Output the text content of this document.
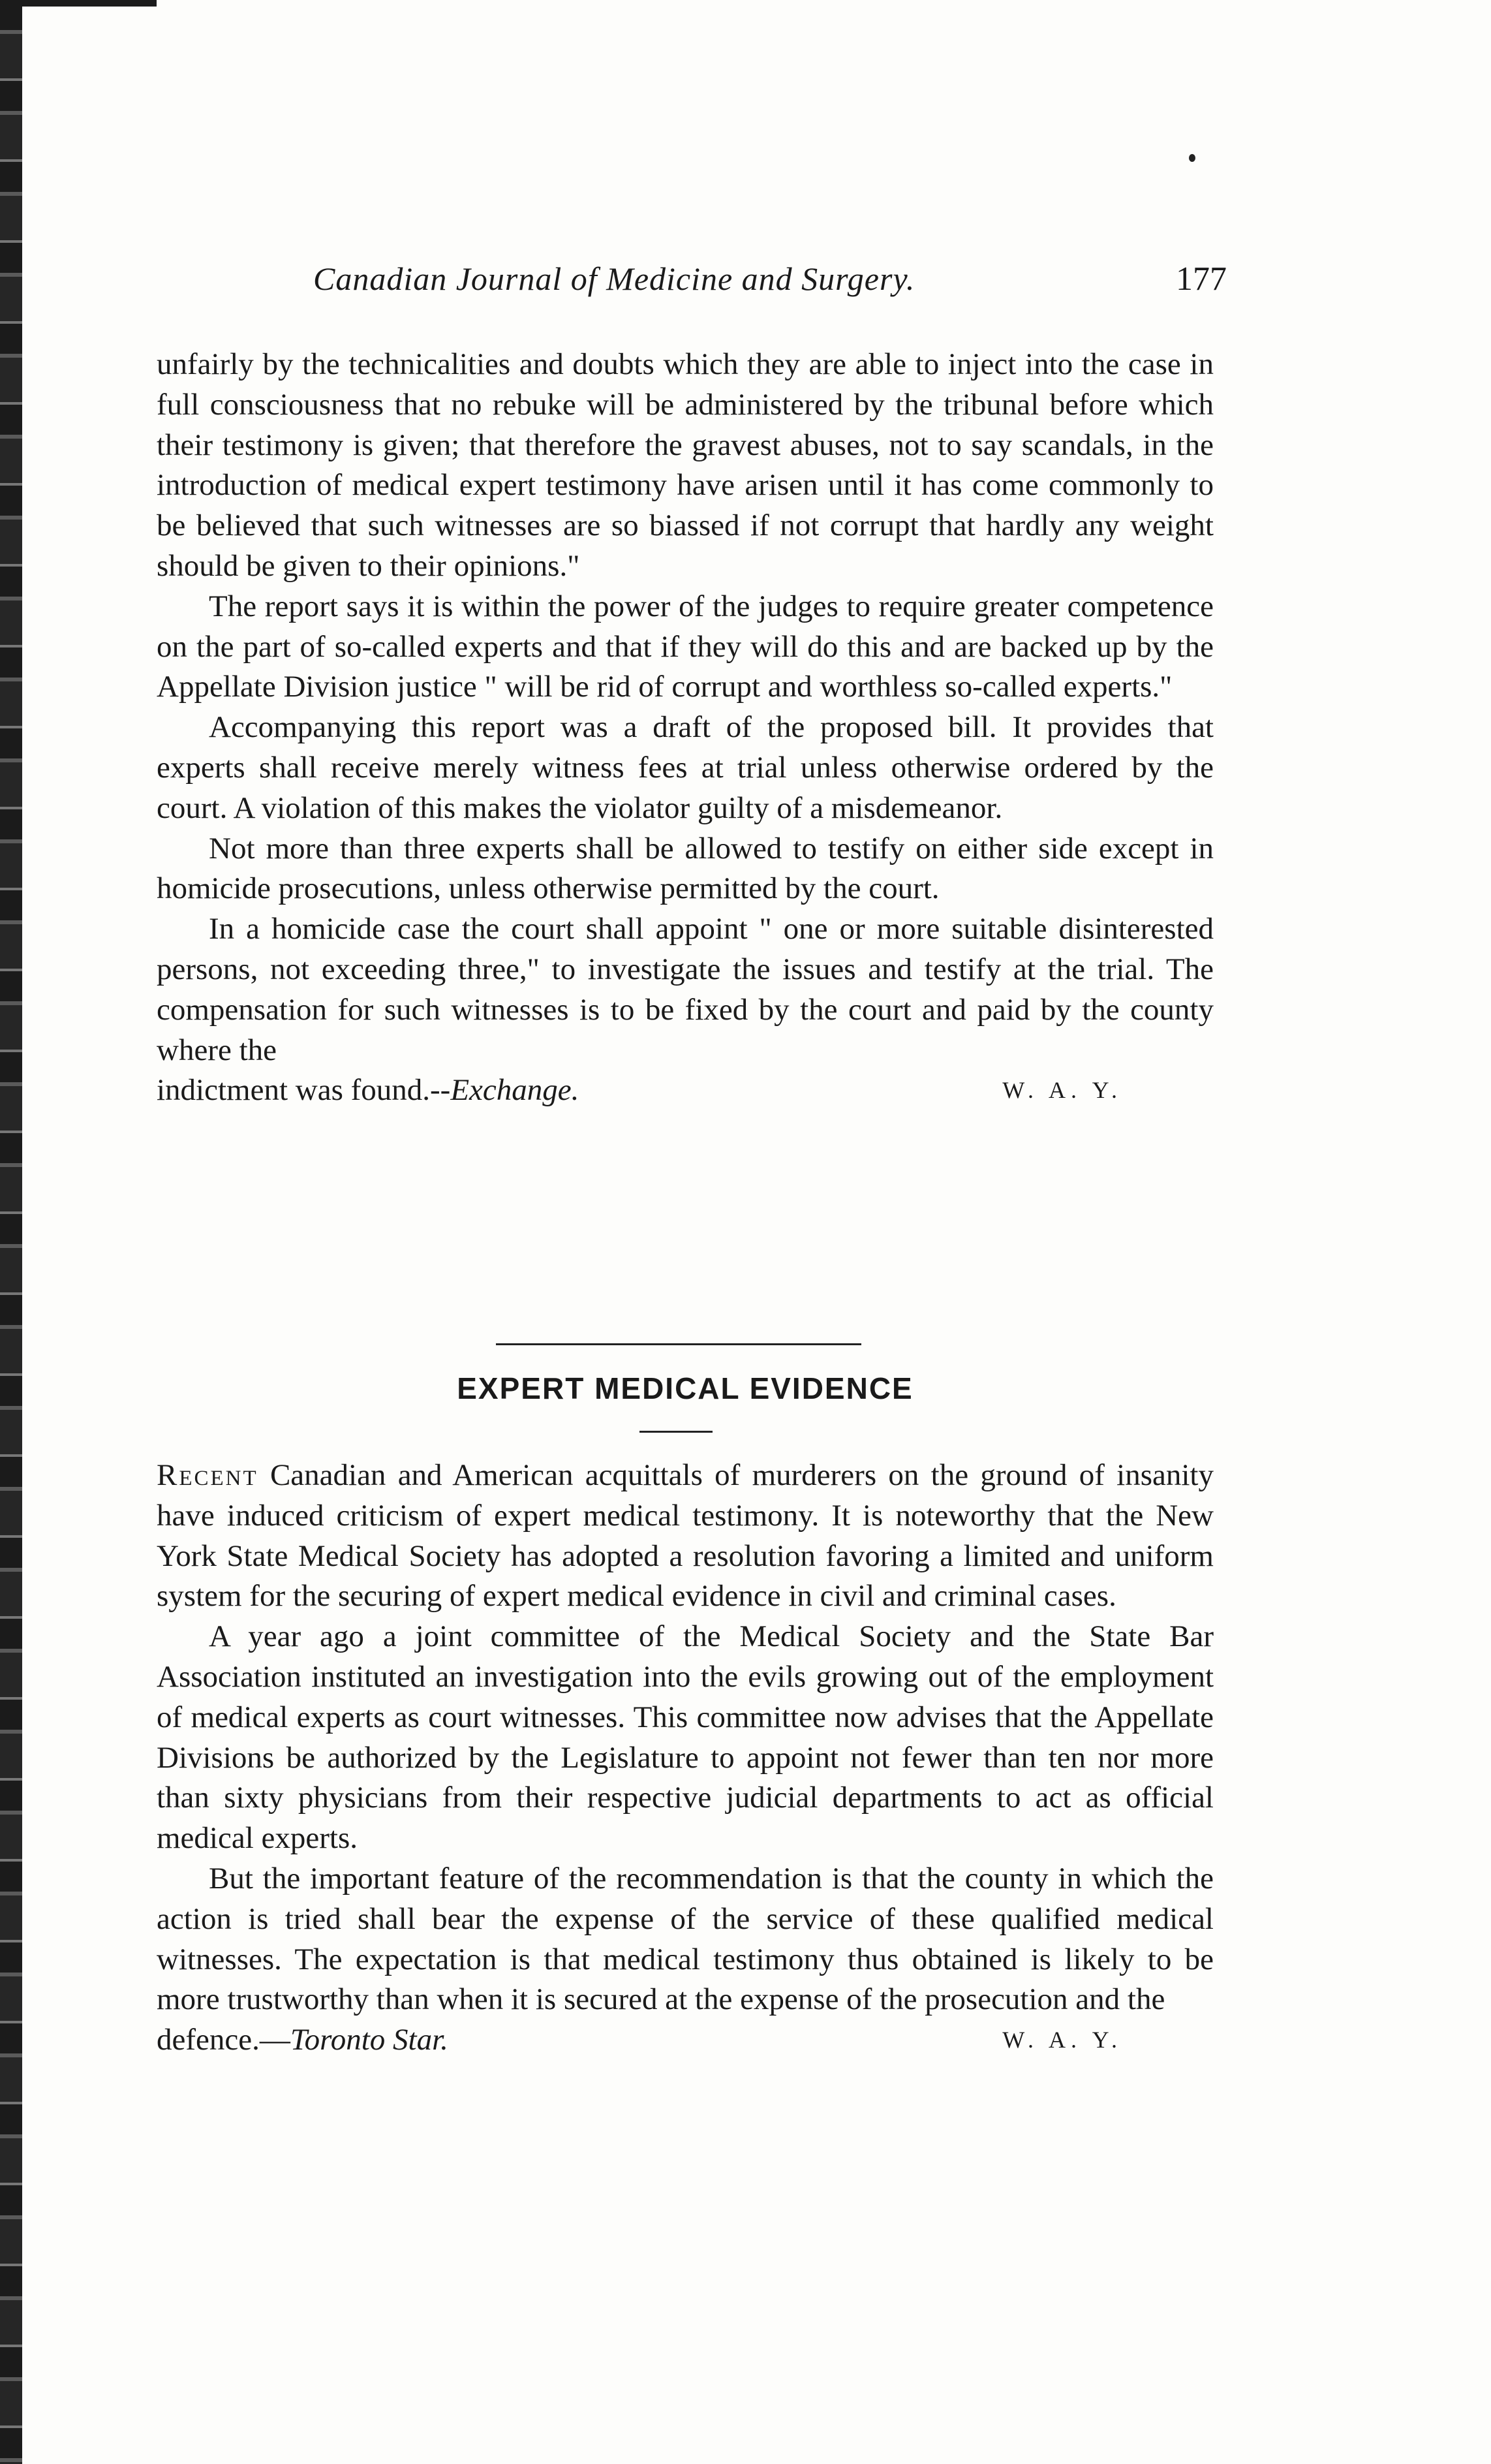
Canadian Journal of Medicine and Surgery.	177

unfairly by the technicalities and doubts which they are able to inject into the case in full consciousness that no rebuke will be administered by the tribunal before which their testimony is given; that therefore the gravest abuses, not to say scandals, in the introduction of medical expert testimony have arisen until it has come commonly to be believed that such witnesses are so biassed if not corrupt that hardly any weight should be given to their opinions."

The report says it is within the power of the judges to require greater competence on the part of so-called experts and that if they will do this and are backed up by the Appellate Division justice " will be rid of corrupt and worthless so-called experts."

Accompanying this report was a draft of the proposed bill. It provides that experts shall receive merely witness fees at trial unless otherwise ordered by the court. A violation of this makes the violator guilty of a misdemeanor.

Not more than three experts shall be allowed to testify on either side except in homicide prosecutions, unless otherwise permitted by the court.

In a homicide case the court shall appoint " one or more suitable disinterested persons, not exceeding three," to investigate the issues and testify at the trial. The compensation for such witnesses is to be fixed by the court and paid by the county where the

indictment was found.--Exchange.	W. A. Y.
EXPERT MEDICAL EVIDENCE

Recent Canadian and American acquittals of murderers on the ground of insanity have induced criticism of expert medical testimony. It is noteworthy that the New York State Medical Society has adopted a resolution favoring a limited and uniform system for the securing of expert medical evidence in civil and criminal cases.

A year ago a joint committee of the Medical Society and the State Bar Association instituted an investigation into the evils growing out of the employment of medical experts as court witnesses. This committee now advises that the Appellate Divisions be authorized by the Legislature to appoint not fewer than ten nor more than sixty physicians from their respective judicial departments to act as official medical experts.

But the important feature of the recommendation is that the county in which the action is tried shall bear the expense of the service of these qualified medical witnesses. The expectation is that medical testimony thus obtained is likely to be more trustworthy than when it is secured at the expense of the prosecution and the

defence.—Toronto Star.	W. A. Y.
